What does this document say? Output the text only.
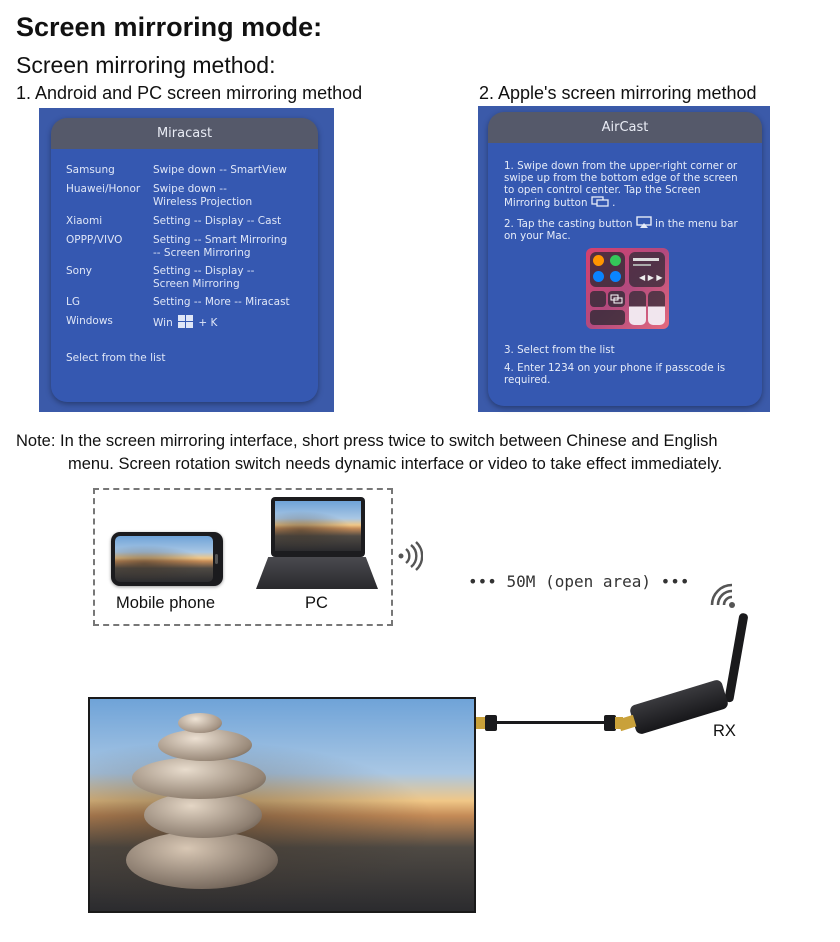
Screen mirroring mode:
Screen mirroring method:
1. Android and PC screen mirroring method	2. Apple's screen mirroring method
Miracast
Samsung	Swipe down -- SmartView
Huawei/Honor	Swipe down --
Wireless Projection
Xiaomi	Setting -- Display -- Cast
OPPP/VIVO	Setting -- Smart Mirroring
-- Screen Mirroring
Sony	Setting -- Display --
Screen Mirroring
LG	Setting -- More -- Miracast
Windows	Win + K
Select from the list
AirCast
1. Swipe down from the upper-right corner or swipe up from the bottom edge of the screen to open control center. Tap the Screen Mirroring button .
2. Tap the casting button in the menu bar on your Mac.
◀ ▶ ▶
3. Select from the list
4. Enter 1234 on your phone if passcode is required.
Note: In the screen mirroring interface, short press twice to switch between Chinese and English
menu. Screen rotation switch needs dynamic interface or video to take effect immediately.
Mobile phone	PC
••• 50M (open area) •••
RX
